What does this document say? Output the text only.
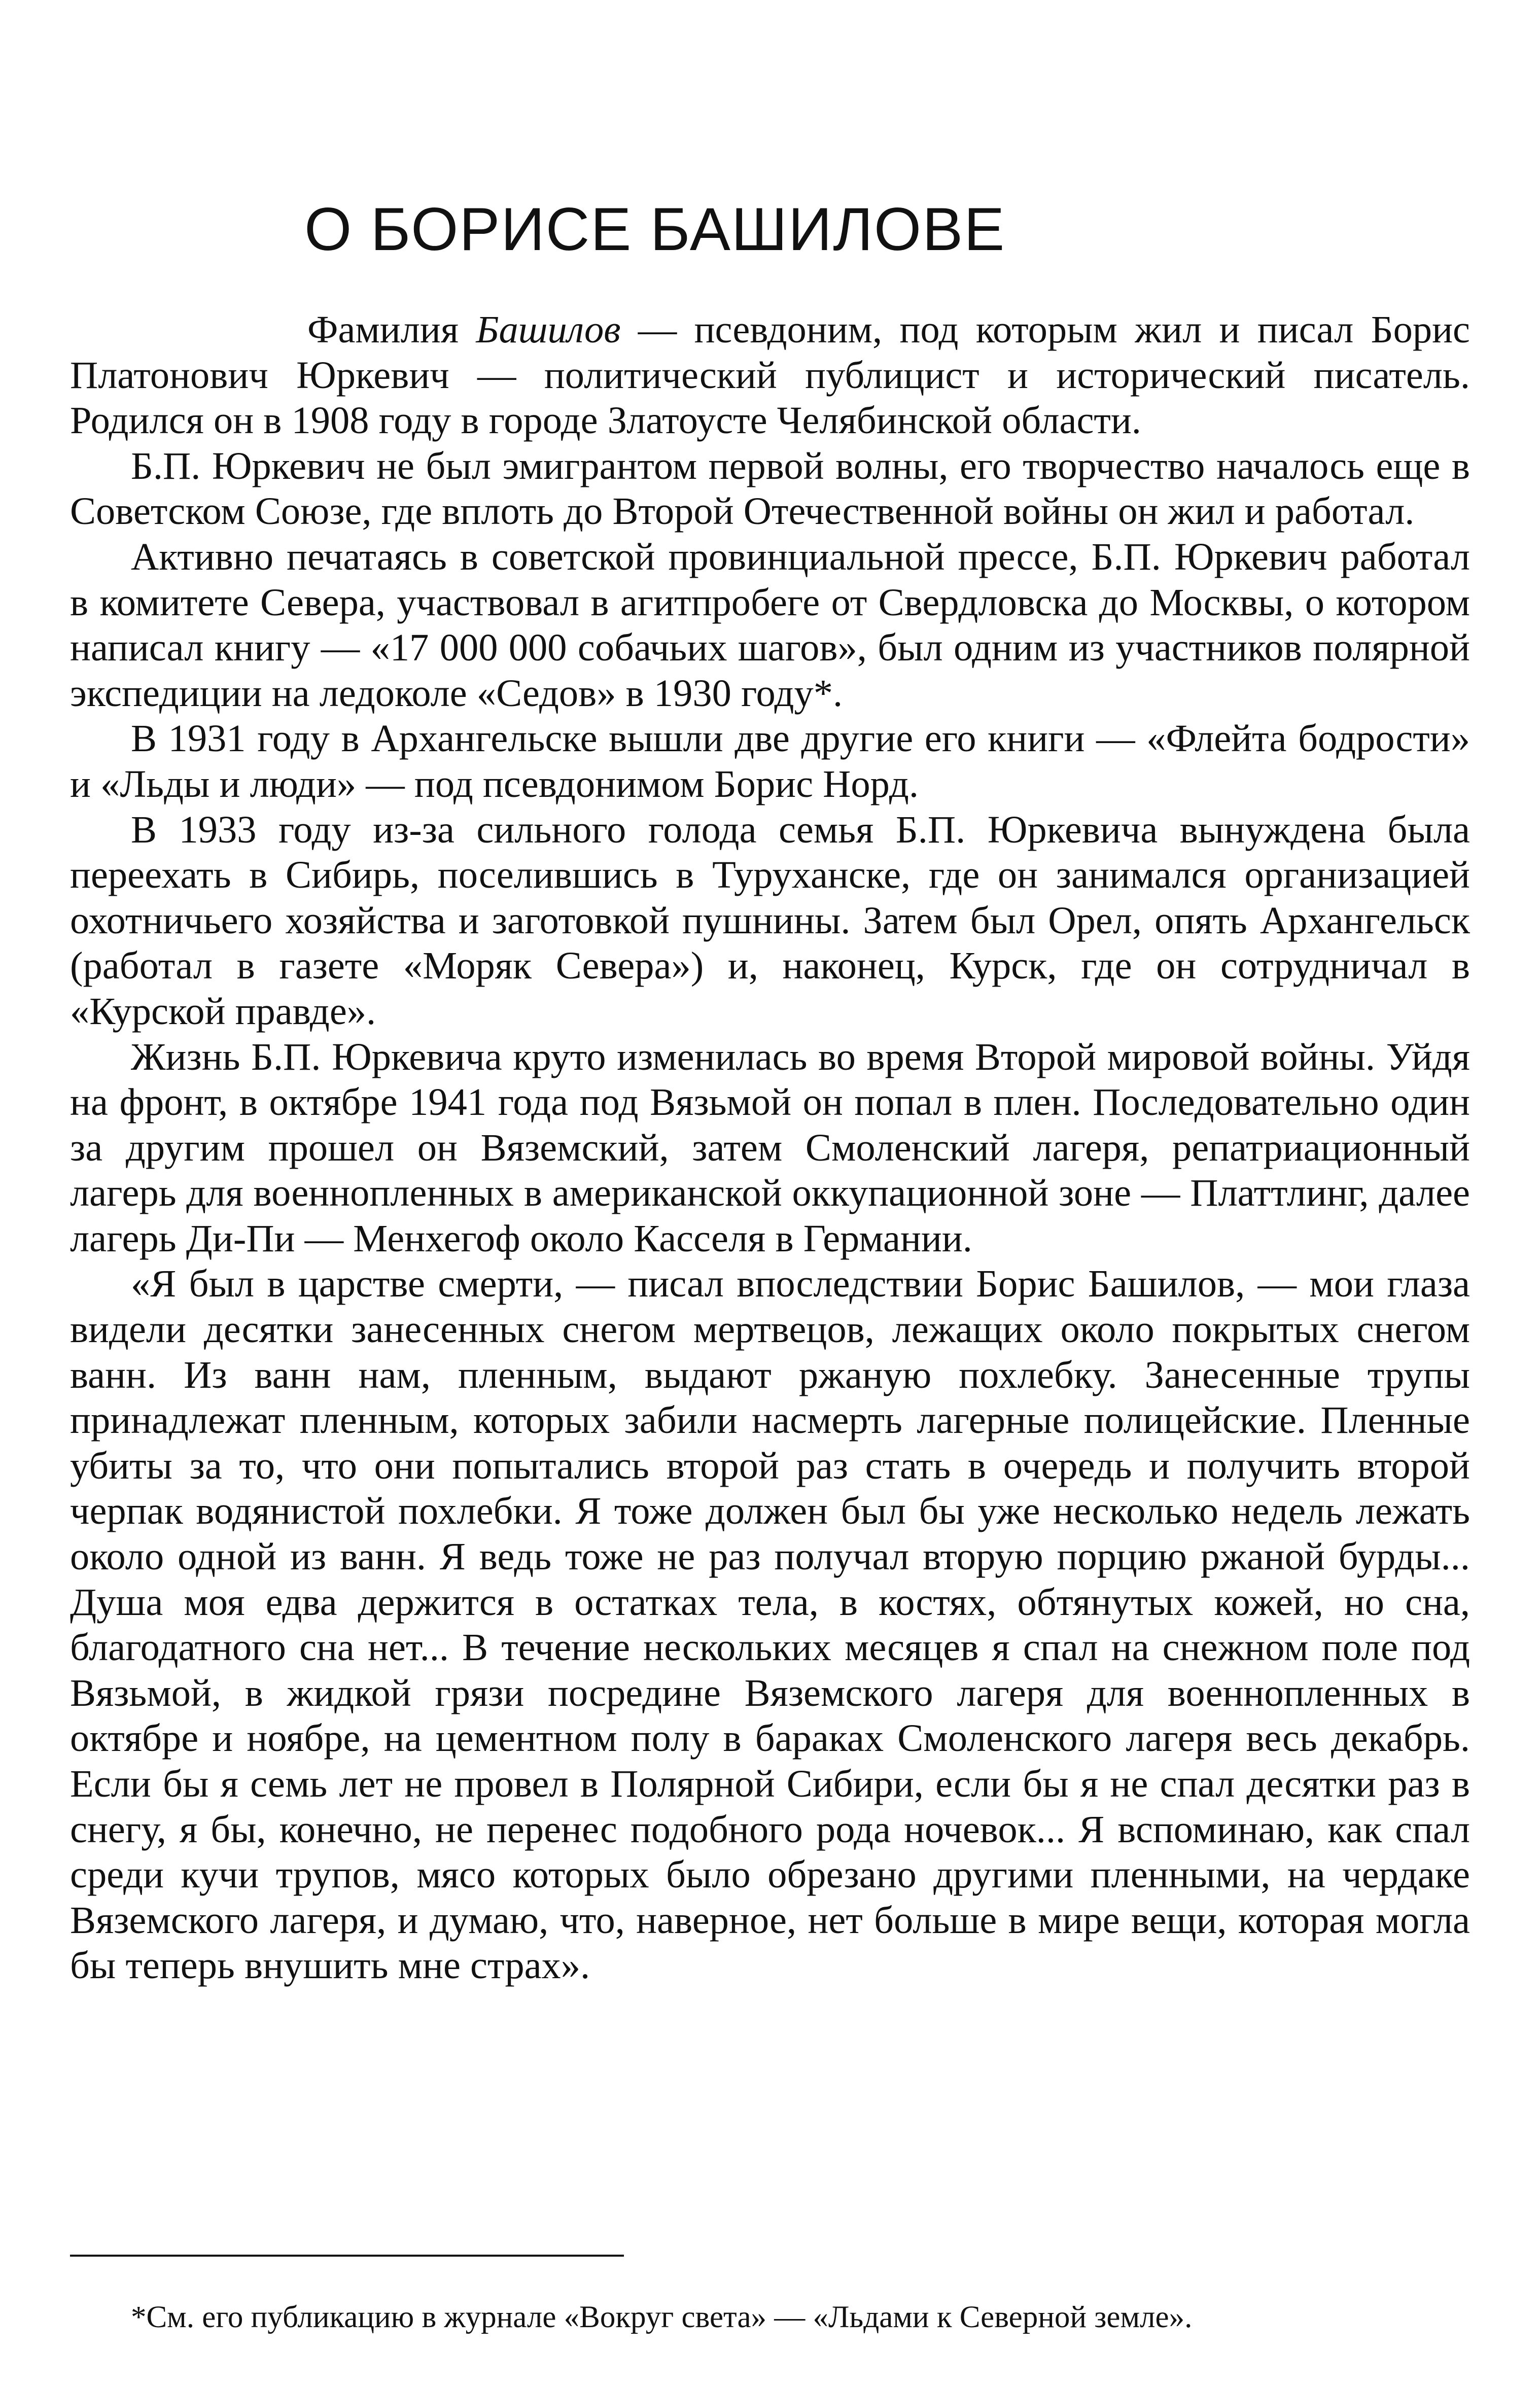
О БОРИСЕ БАШИЛОВЕ

Фамилия Башилов — псевдоним, под которым жил и писал Борис Платонович Юркевич — политический публицист и исторический писатель. Родился он в 1908 году в городе Златоусте Челябинской области.

Б.П. Юркевич не был эмигрантом первой волны, его творчество началось еще в Советском Союзе, где вплоть до Второй Отечественной войны он жил и работал.

Активно печатаясь в советской провинциальной прессе, Б.П. Юркевич работал в комитете Севера, участвовал в агитпробеге от Свердловска до Москвы, о котором написал книгу — «17 000 000 собачьих шагов», был одним из участников полярной экспедиции на ледоколе «Седов» в 1930 году*.

В 1931 году в Архангельске вышли две другие его книги — «Флейта бодрости» и «Льды и люди» — под псевдонимом Борис Норд.

В 1933 году из-за сильного голода семья Б.П. Юркевича вынуждена была переехать в Сибирь, поселившись в Туруханске, где он занимался организацией охотничьего хозяйства и заготовкой пушнины. Затем был Орел, опять Архангельск (работал в газете «Моряк Севера») и, наконец, Курск, где он сотрудничал в «Курской правде».

Жизнь Б.П. Юркевича круто изменилась во время Второй мировой войны. Уйдя на фронт, в октябре 1941 года под Вязьмой он попал в плен. Последовательно один за другим прошел он Вяземский, затем Смоленский лагеря, репатриационный лагерь для военнопленных в американской оккупационной зоне — Платтлинг, далее лагерь Ди-Пи — Менхегоф около Касселя в Германии.

«Я был в царстве смерти, — писал впоследствии Борис Башилов, — мои глаза видели десятки занесенных снегом мертвецов, лежащих около покрытых снегом ванн. Из ванн нам, пленным, выдают ржаную похлебку. Занесенные трупы принадлежат пленным, которых забили насмерть лагерные полицейские. Пленные убиты за то, что они попытались второй раз стать в очередь и получить второй черпак водянистой похлебки. Я тоже должен был бы уже несколько недель лежать около одной из ванн. Я ведь тоже не раз получал вторую порцию ржаной бурды... Душа моя едва держится в остатках тела, в костях, обтянутых кожей, но сна, благодатного сна нет... В течение нескольких месяцев я спал на снежном поле под Вязьмой, в жидкой грязи посредине Вяземского лагеря для военнопленных в октябре и ноябре, на цементном полу в бараках Смоленского лагеря весь декабрь. Если бы я семь лет не провел в Полярной Сибири, если бы я не спал десятки раз в снегу, я бы, конечно, не перенес подобного рода ночевок... Я вспоминаю, как спал среди кучи трупов, мясо которых было обрезано другими пленными, на чердаке Вяземского лагеря, и думаю, что, наверное, нет больше в мире вещи, которая могла бы теперь внушить мне страх».

*См. его публикацию в журнале «Вокруг света» — «Льдами к Северной земле».
